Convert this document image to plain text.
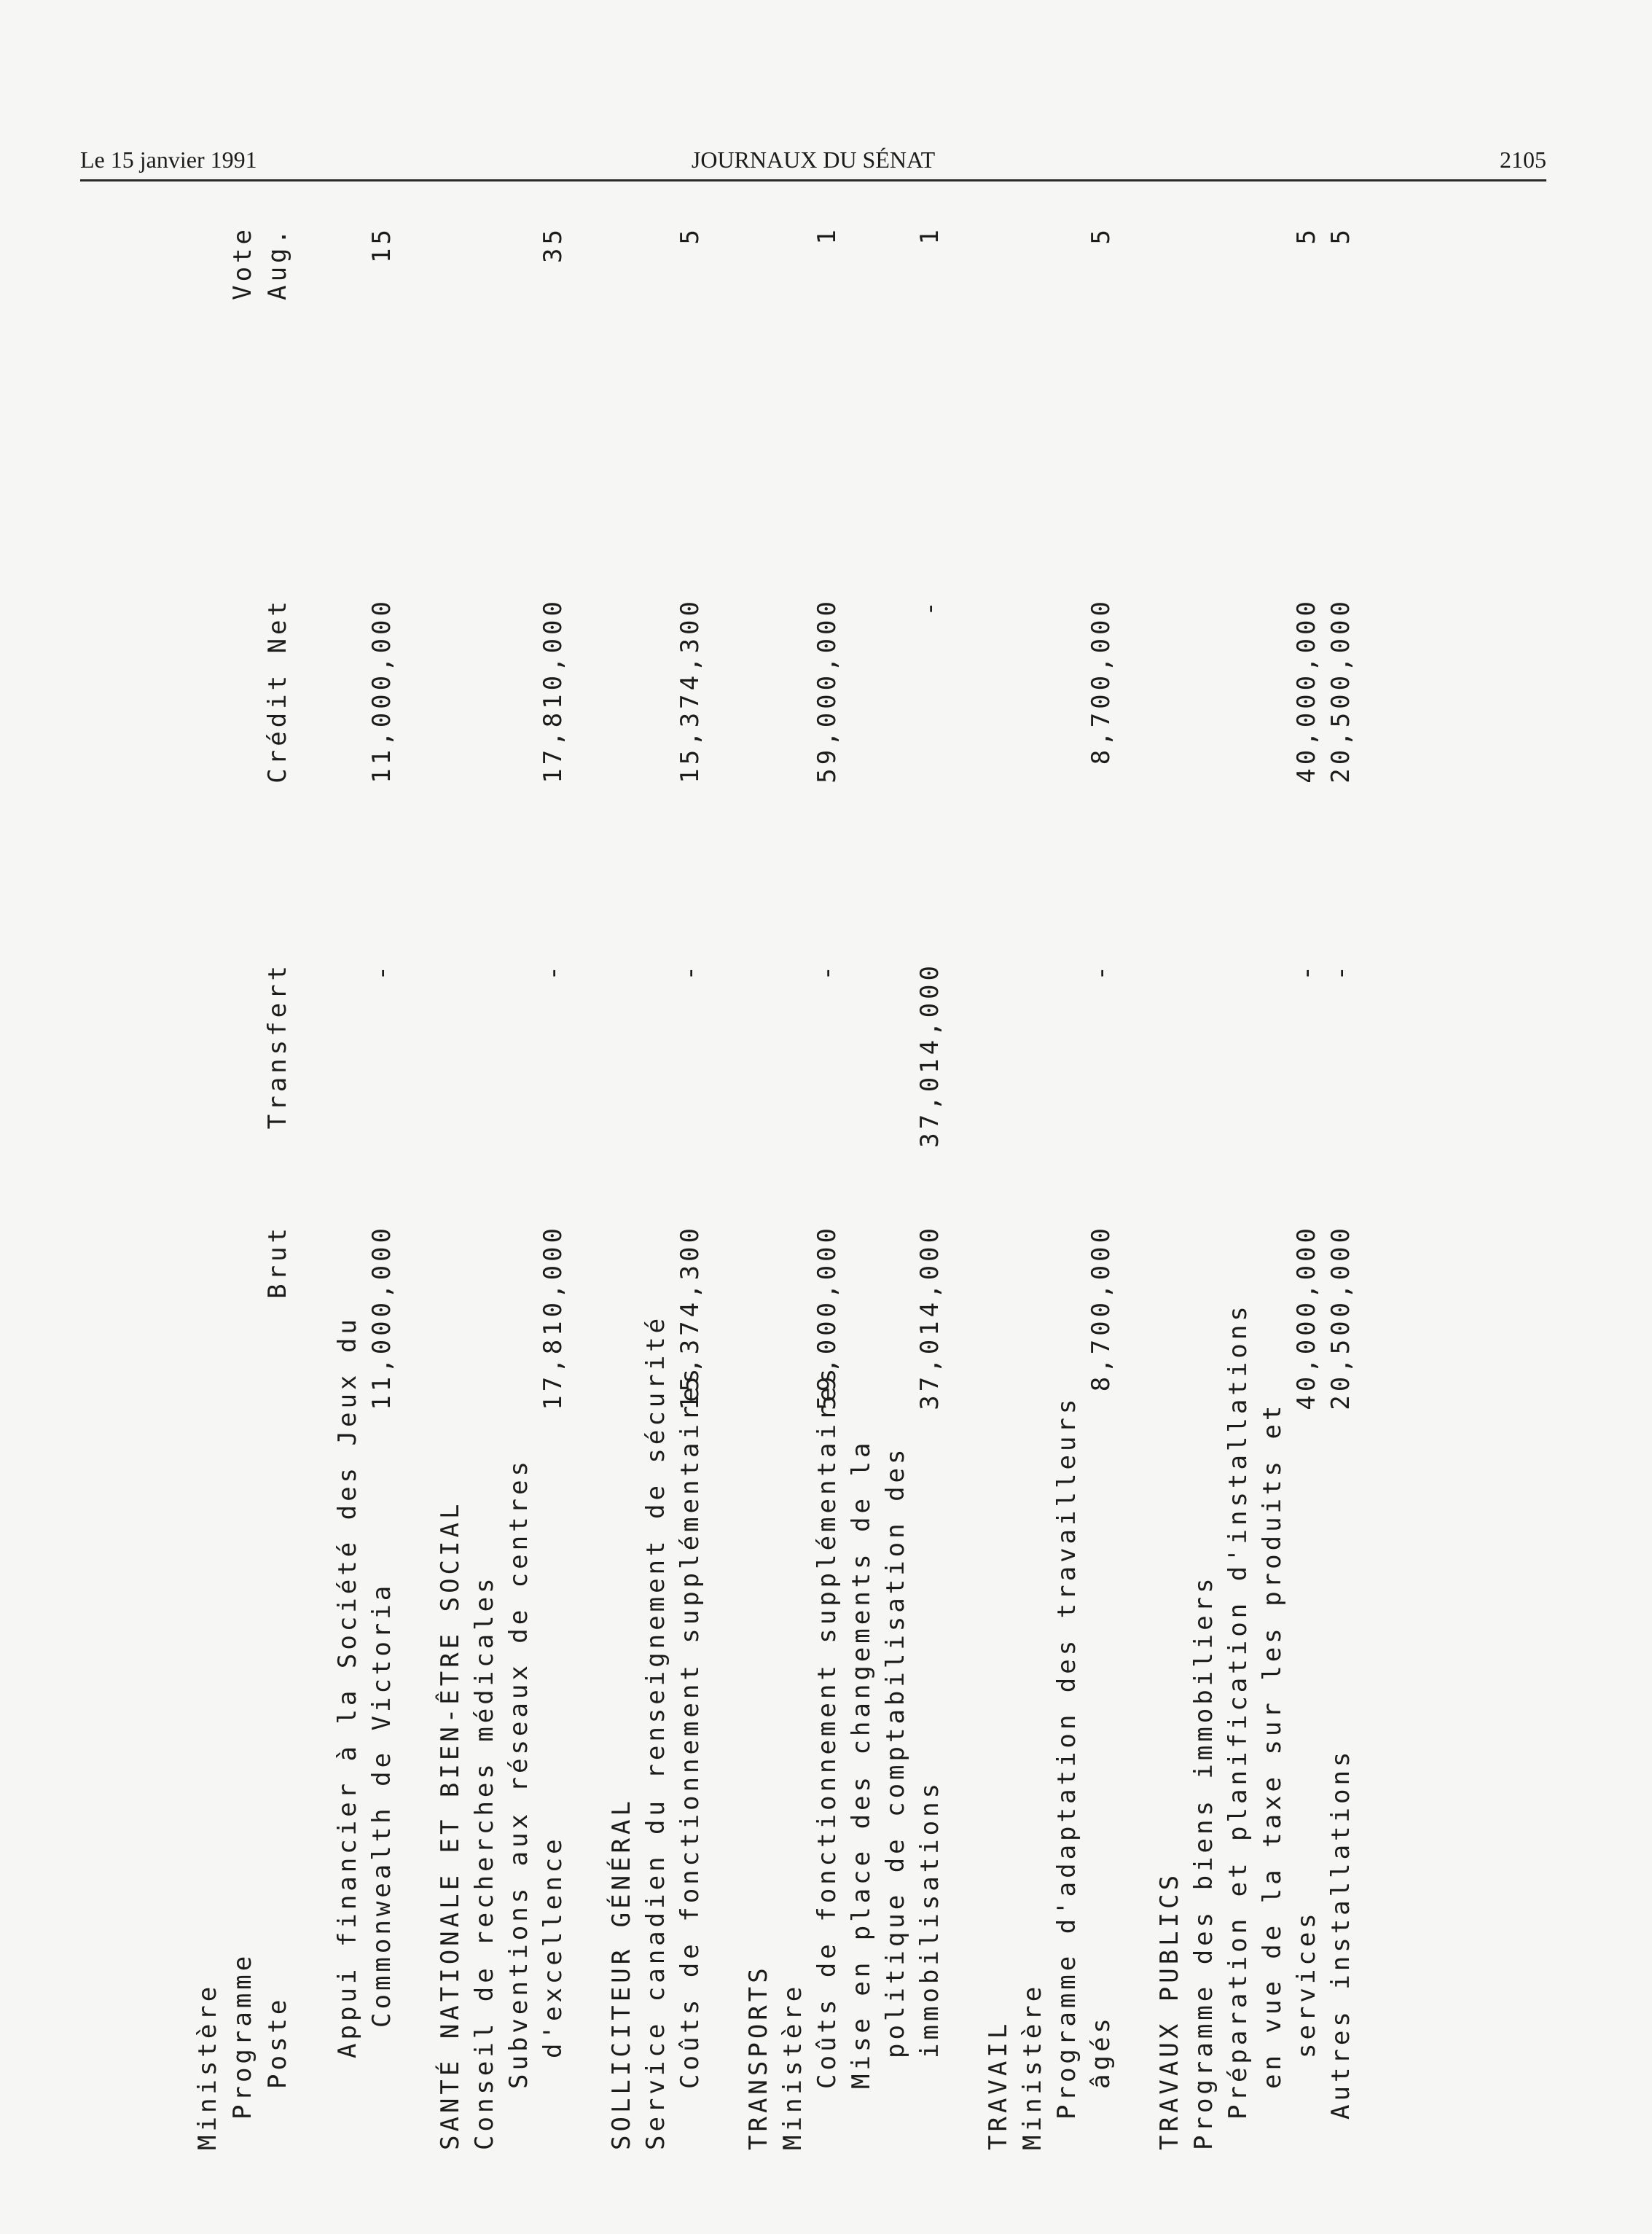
Le 15 janvier 1991	JOURNAUX DU SÉNAT	2105
Ministère Programme Poste
Brut
Transfert
Crédit Net
Vote Aug.
Appui financier à la Société des Jeux du Commonwealth de Victoria
11,000,000
-
11,000,000
15
SANTÉ NATIONALE ET BIEN-ÊTRE SOCIAL Conseil de recherches médicales Subventions aux réseaux de centres d'excellence
17,810,000
-
17,810,000
35
SOLLICITEUR GÉNÉRAL Service canadien du renseignement de sécurité Coûts de fonctionnement supplémentaires
15,374,300
-
15,374,300
5
TRANSPORTS Ministère Coûts de fonctionnement supplémentaires
59,000,000
-
59,000,000
1
Mise en place des changements de la politique de comptabilisation des immobilisations
37,014,000
37,014,000
-
1
TRAVAIL Ministère Programme d'adaptation des travailleurs âgés
8,700,000
-
8,700,000
5
TRAVAUX PUBLICS Programme des biens immobiliers Préparation et planification d'installations en vue de la taxe sur les produits et services
40,000,000
-
40,000,000
5
Autres installations
20,500,000
-
20,500,000
5
